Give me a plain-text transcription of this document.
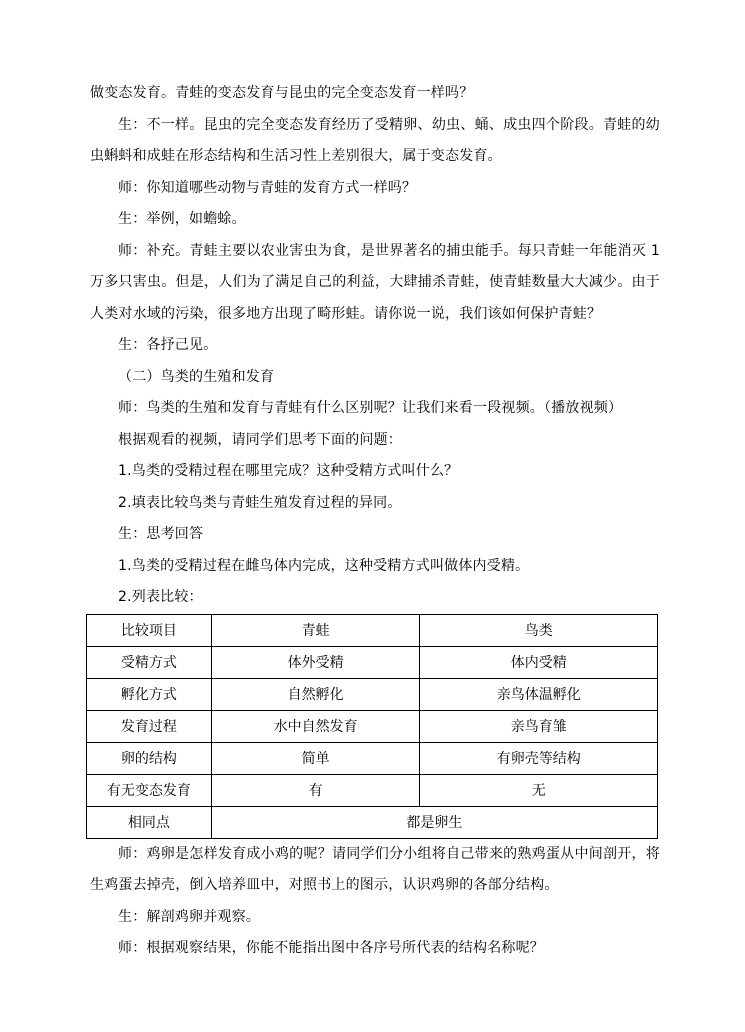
做变态发育。青蛙的变态发育与昆虫的完全变态发育一样吗？

生：不一样。昆虫的完全变态发育经历了受精卵、幼虫、蛹、成虫四个阶段。青蛙的幼虫蝌蚪和成蛙在形态结构和生活习性上差别很大，属于变态发育。

师：你知道哪些动物与青蛙的发育方式一样吗？

生：举例，如蟾蜍。

师：补充。青蛙主要以农业害虫为食，是世界著名的捕虫能手。每只青蛙一年能消灭 1 万多只害虫。但是，人们为了满足自己的利益，大肆捕杀青蛙，使青蛙数量大大减少。由于人类对水域的污染，很多地方出现了畸形蛙。请你说一说，我们该如何保护青蛙？

生：各抒己见。

（二）鸟类的生殖和发育

师：鸟类的生殖和发育与青蛙有什么区别呢？让我们来看一段视频。（播放视频）

根据观看的视频，请同学们思考下面的问题：

1.鸟类的受精过程在哪里完成？这种受精方式叫什么？

2.填表比较鸟类与青蛙生殖发育过程的异同。

生：思考回答

1.鸟类的受精过程在雌鸟体内完成，这种受精方式叫做体内受精。

2.列表比较：

比较项目	青蛙	鸟类
受精方式	体外受精	体内受精
孵化方式	自然孵化	亲鸟体温孵化
发育过程	水中自然发育	亲鸟育雏
卵的结构	简单	有卵壳等结构
有无变态发育	有	无
相同点	都是卵生	

师：鸡卵是怎样发育成小鸡的呢？请同学们分小组将自己带来的熟鸡蛋从中间剖开，将生鸡蛋去掉壳，倒入培养皿中，对照书上的图示，认识鸡卵的各部分结构。

生：解剖鸡卵并观察。

师：根据观察结果，你能不能指出图中各序号所代表的结构名称呢？
